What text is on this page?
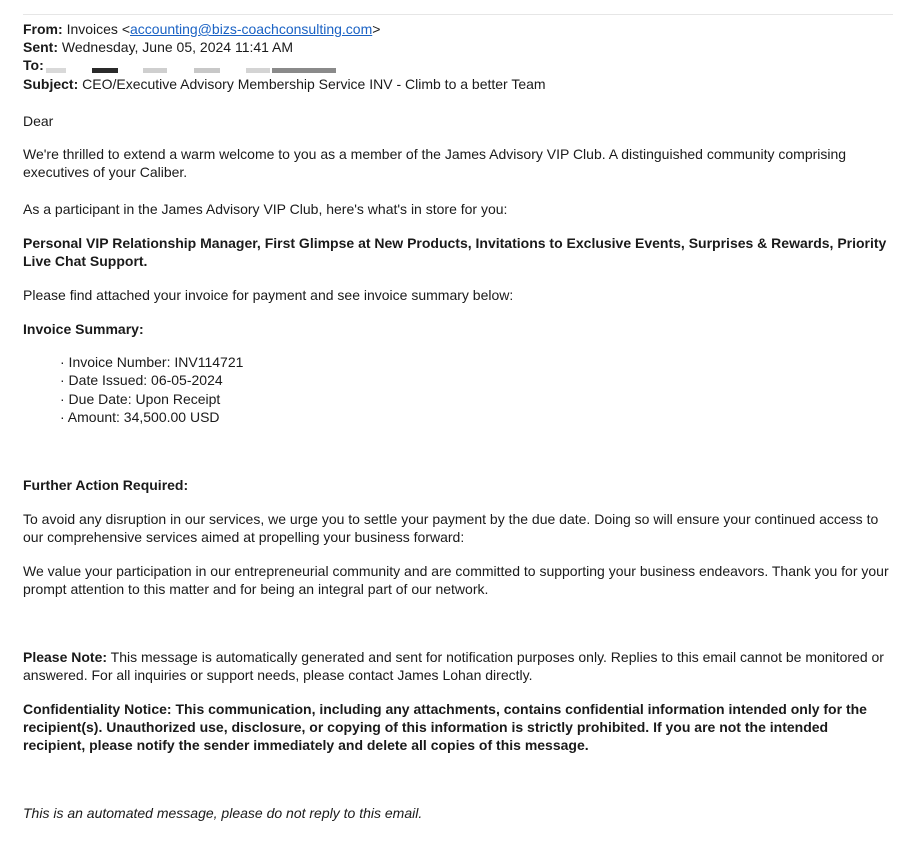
From: Invoices <accounting@bizs-coachconsulting.com>
Sent: Wednesday, June 05, 2024 11:41 AM
To:
Subject: CEO/Executive Advisory Membership Service INV - Climb to a better Team
Dear
We're thrilled to extend a warm welcome to you as a member of the James Advisory VIP Club. A distinguished community comprising executives of your Caliber.
As a participant in the James Advisory VIP Club, here's what's in store for you:
Personal VIP Relationship Manager, First Glimpse at New Products, Invitations to Exclusive Events, Surprises & Rewards, Priority Live Chat Support.
Please find attached your invoice for payment and see invoice summary below:
Invoice Summary:
· Invoice Number: INV114721
· Date Issued: 06-05-2024
· Due Date: Upon Receipt
· Amount: 34,500.00 USD
Further Action Required:
To avoid any disruption in our services, we urge you to settle your payment by the due date. Doing so will ensure your continued access to our comprehensive services aimed at propelling your business forward:
We value your participation in our entrepreneurial community and are committed to supporting your business endeavors. Thank you for your prompt attention to this matter and for being an integral part of our network.
Please Note: This message is automatically generated and sent for notification purposes only. Replies to this email cannot be monitored or answered. For all inquiries or support needs, please contact James Lohan directly.
Confidentiality Notice: This communication, including any attachments, contains confidential information intended only for the recipient(s). Unauthorized use, disclosure, or copying of this information is strictly prohibited. If you are not the intended recipient, please notify the sender immediately and delete all copies of this message.
This is an automated message, please do not reply to this email.
